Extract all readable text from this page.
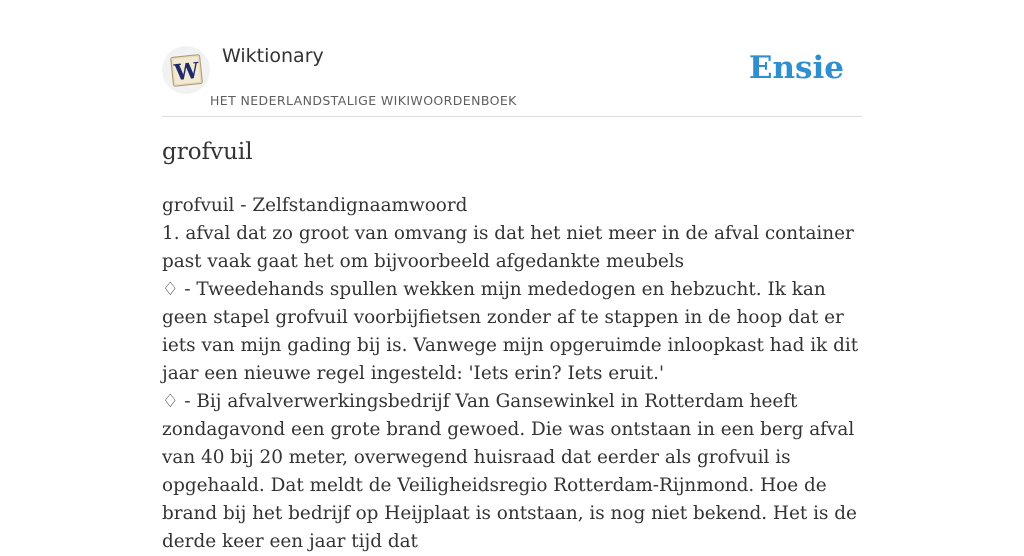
W
Wiktionary
HET NEDERLANDSTALIGE WIKIWOORDENBOEK
Ensie
grofvuil
grofvuil - Zelfstandignaamwoord
1. afval dat zo groot van omvang is dat het niet meer in de afval container past vaak gaat het om bijvoorbeeld afgedankte meubels
♢ - Tweedehands spullen wekken mijn mededogen en hebzucht. Ik kan geen stapel grofvuil voorbijfietsen zonder af te stappen in de hoop dat er iets van mijn gading bij is. Vanwege mijn opgeruimde inloopkast had ik dit jaar een nieuwe regel ingesteld: 'Iets erin? Iets eruit.'
♢ - Bij afvalverwerkingsbedrijf Van Gansewinkel in Rotterdam heeft zondagavond een grote brand gewoed. Die was ontstaan in een berg afval van 40 bij 20 meter, overwegend huisraad dat eerder als grofvuil is opgehaald. Dat meldt de Veiligheidsregio Rotterdam-Rijnmond. Hoe de brand bij het bedrijf op Heijplaat is ontstaan, is nog niet bekend. Het is de derde keer een jaar tijd dat
